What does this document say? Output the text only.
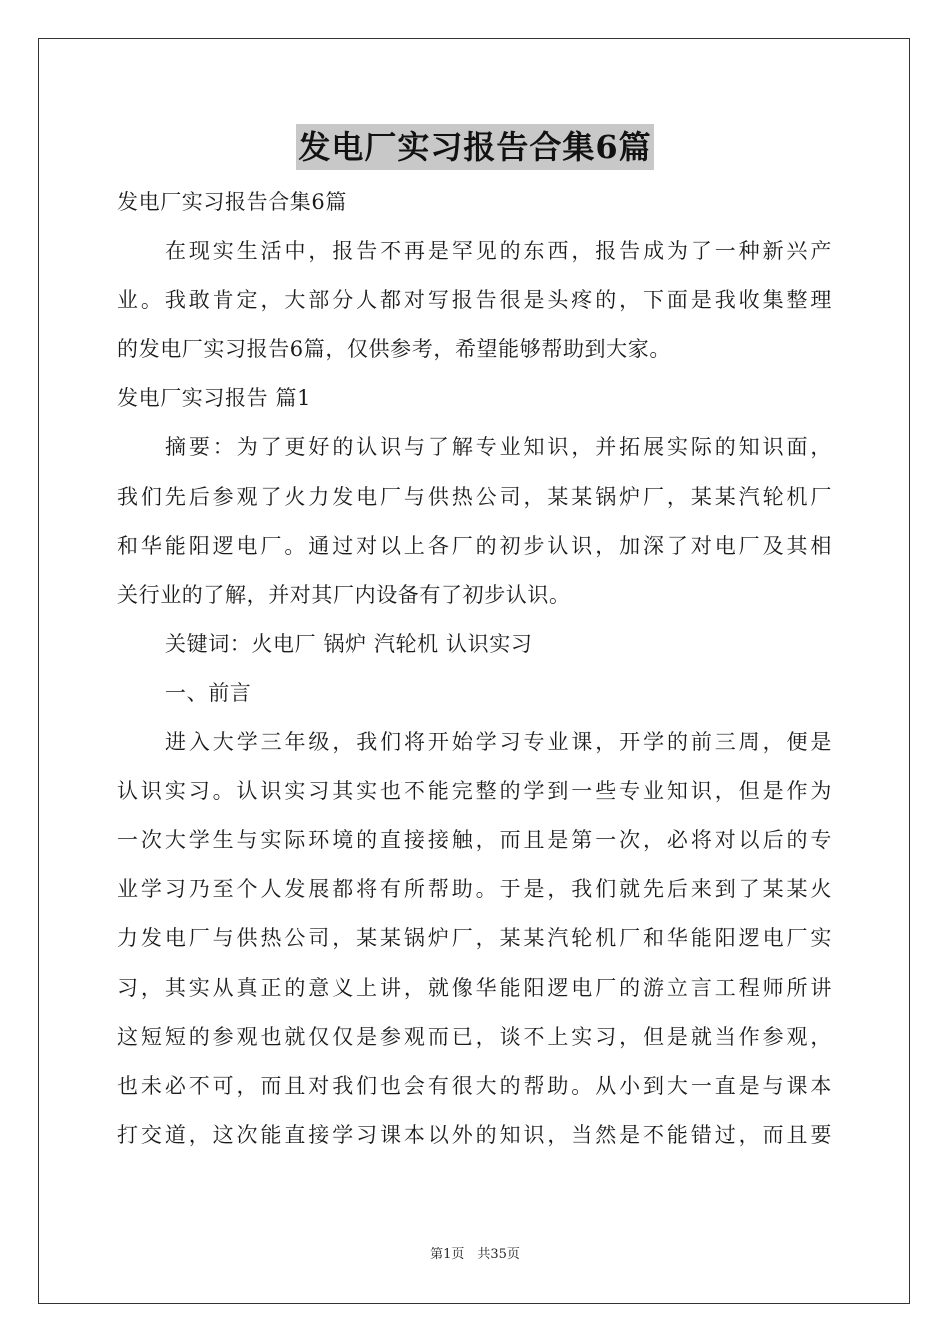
发电厂实习报告合集6篇
发电厂实习报告合集6篇
在现实生活中，报告不再是罕见的东西，报告成为了一种新兴产
业。我敢肯定，大部分人都对写报告很是头疼的，下面是我收集整理
的发电厂实习报告6篇，仅供参考，希望能够帮助到大家。
发电厂实习报告 篇1
摘要：为了更好的认识与了解专业知识，并拓展实际的知识面，
我们先后参观了火力发电厂与供热公司，某某锅炉厂，某某汽轮机厂
和华能阳逻电厂。通过对以上各厂的初步认识，加深了对电厂及其相
关行业的了解，并对其厂内设备有了初步认识。
关键词：火电厂 锅炉 汽轮机 认识实习
一、前言
进入大学三年级，我们将开始学习专业课，开学的前三周，便是
认识实习。认识实习其实也不能完整的学到一些专业知识，但是作为
一次大学生与实际环境的直接接触，而且是第一次，必将对以后的专
业学习乃至个人发展都将有所帮助。于是，我们就先后来到了某某火
力发电厂与供热公司，某某锅炉厂，某某汽轮机厂和华能阳逻电厂实
习，其实从真正的意义上讲，就像华能阳逻电厂的游立言工程师所讲
这短短的参观也就仅仅是参观而已，谈不上实习，但是就当作参观，
也未必不可，而且对我们也会有很大的帮助。从小到大一直是与课本
打交道，这次能直接学习课本以外的知识，当然是不能错过，而且要
第1页　共35页
